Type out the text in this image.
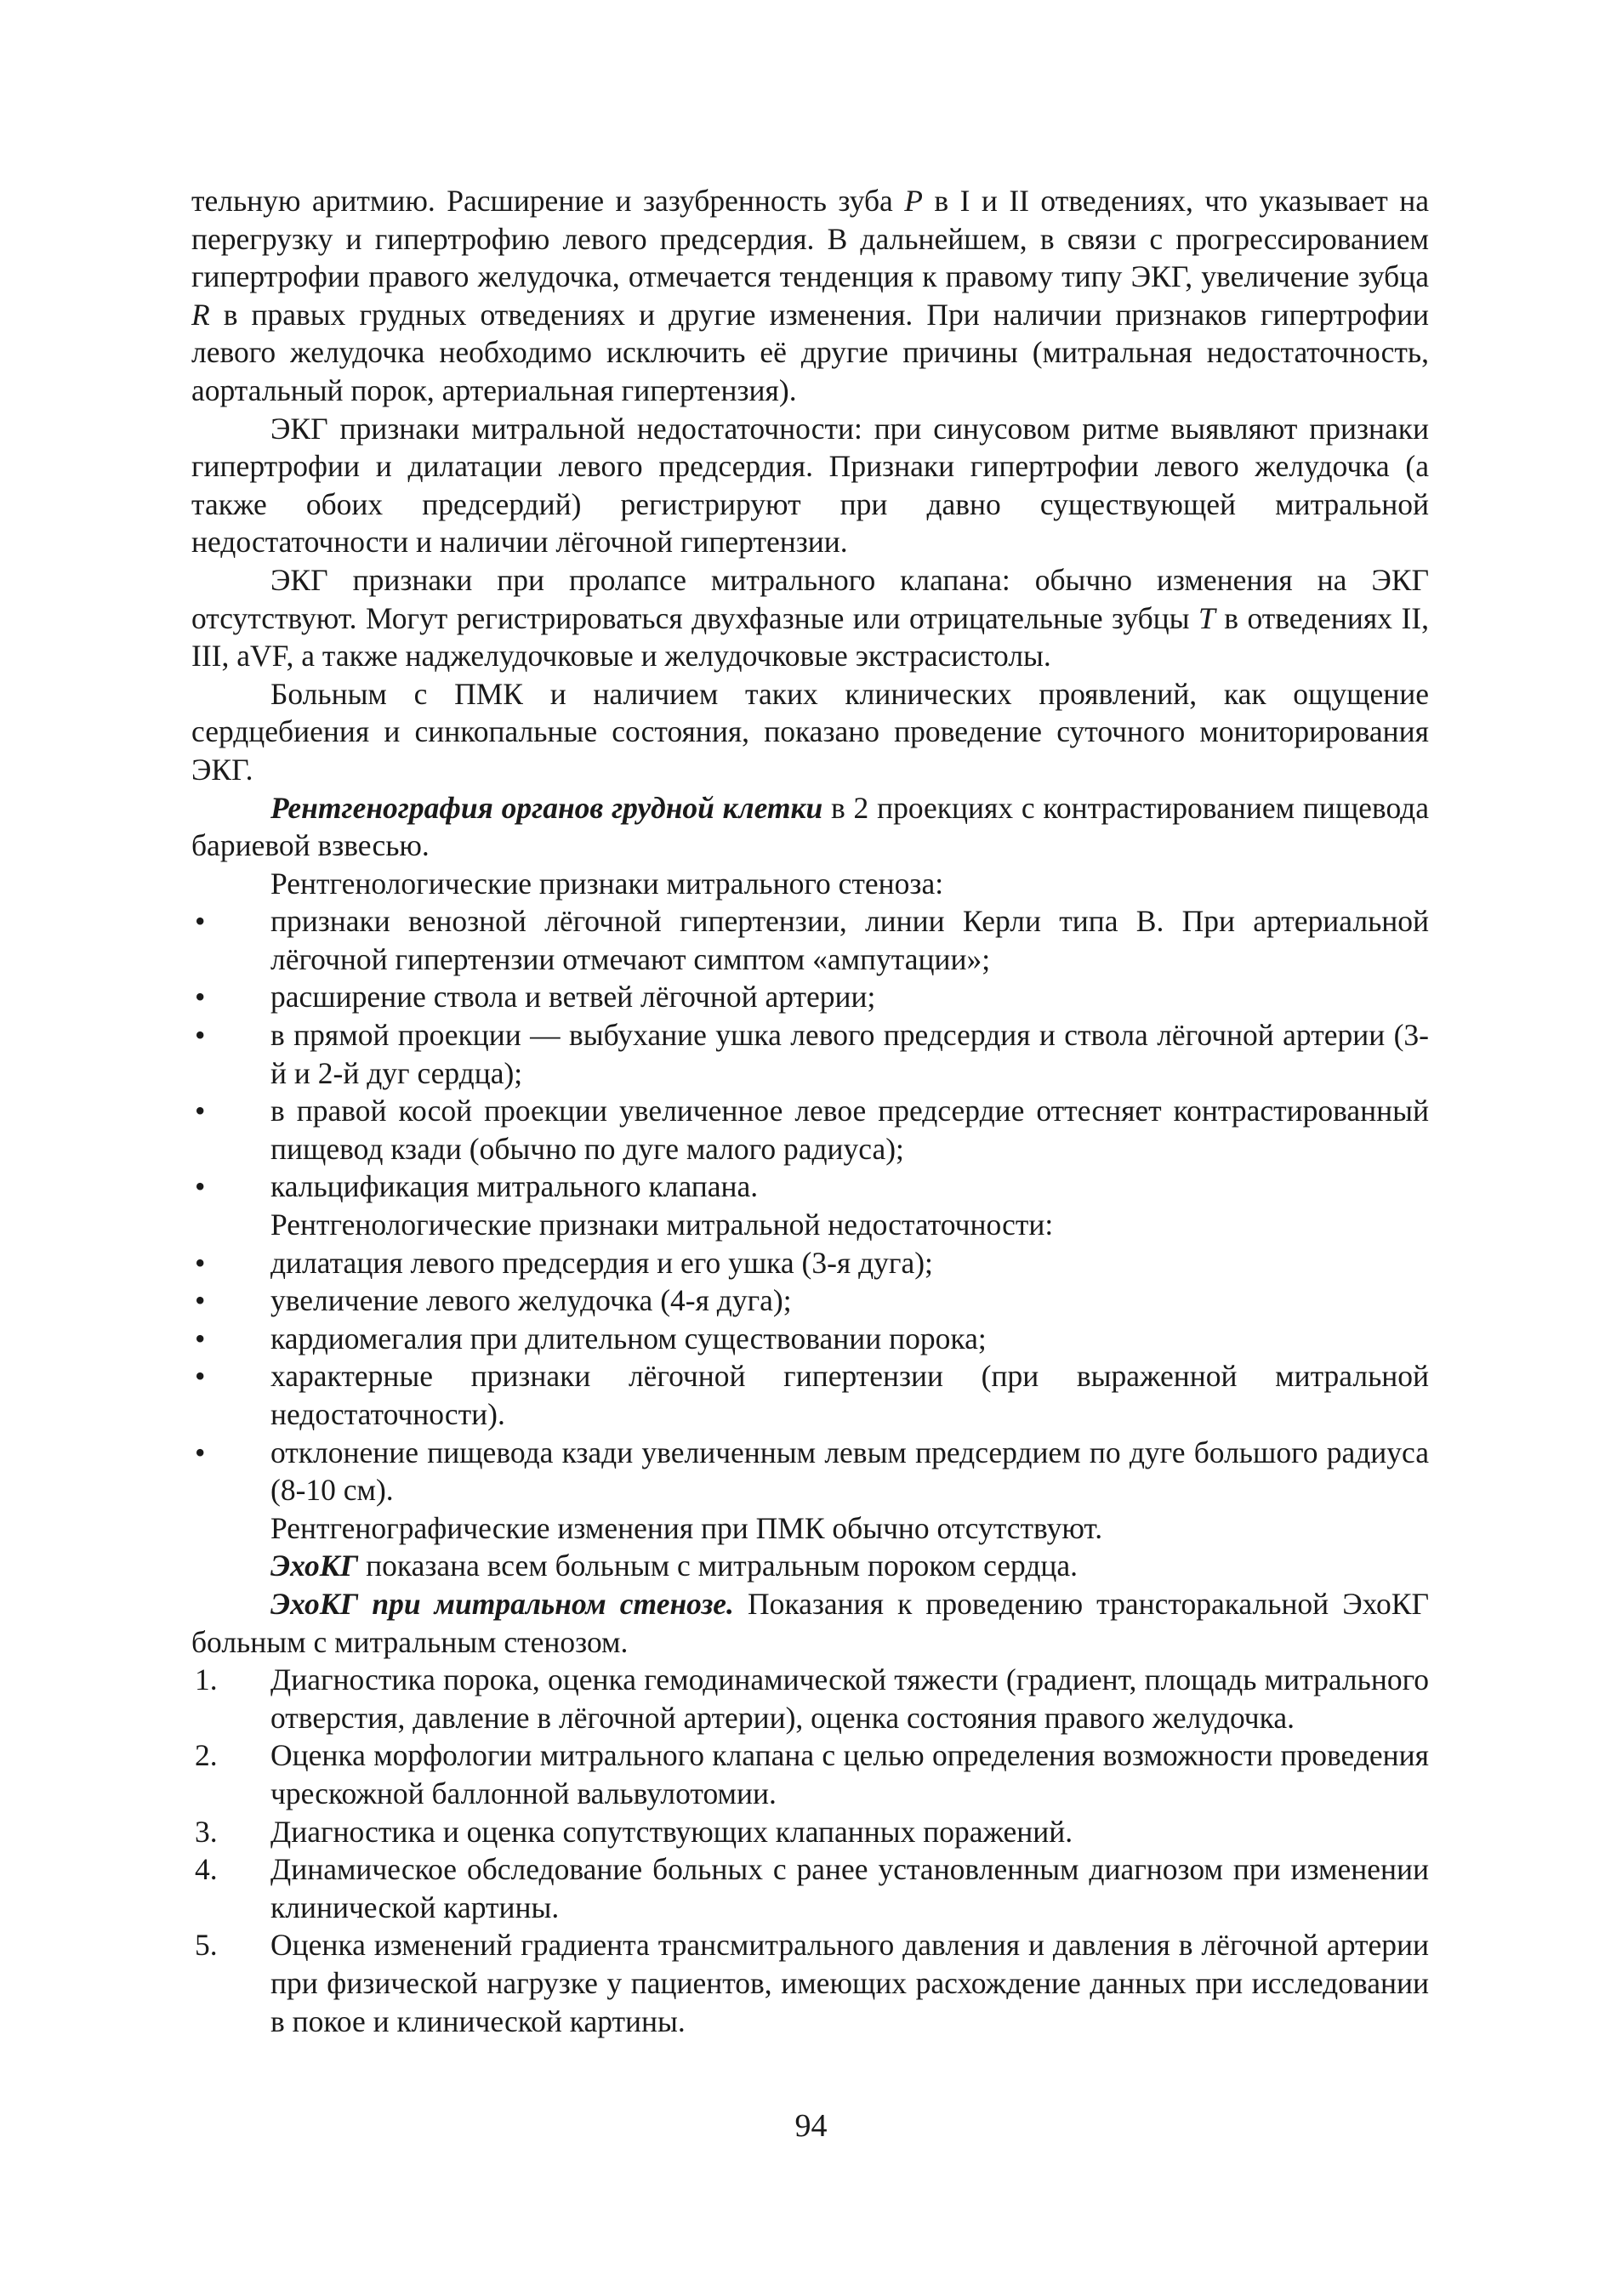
тельную аритмию. Расширение и зазубренность зуба P в I и II отведениях, что указывает на перегрузку и гипертрофию левого предсердия. В дальнейшем, в связи с прогрессированием гипертрофии правого желудочка, отмечается тенденция к правому типу ЭКГ, увеличение зубца R в правых грудных отведениях и другие изменения. При наличии признаков гипертрофии левого желудочка необходимо исключить её другие причины (митральная недостаточность, аортальный порок, артериальная гипертензия).

ЭКГ признаки митральной недостаточности: при синусовом ритме выявляют признаки гипертрофии и дилатации левого предсердия. Признаки гипертрофии левого желудочка (а также обоих предсердий) регистрируют при давно существующей митральной недостаточности и наличии лёгочной гипертензии.

ЭКГ признаки при пролапсе митрального клапана: обычно изменения на ЭКГ отсутствуют. Могут регистрироваться двухфазные или отрицательные зубцы T в отведениях II, III, aVF, а также наджелудочковые и желудочковые экстрасистолы.

Больным с ПМК и наличием таких клинических проявлений, как ощущение сердцебиения и синкопальные состояния, показано проведение суточного мониторирования ЭКГ.

Рентгенография органов грудной клетки в 2 проекциях с контрастированием пищевода бариевой взвесью.

Рентгенологические признаки митрального стеноза:

• признаки венозной лёгочной гипертензии, линии Керли типа В. При артериальной лёгочной гипертензии отмечают симптом «ампутации»;
• расширение ствола и ветвей лёгочной артерии;
• в прямой проекции — выбухание ушка левого предсердия и ствола лёгочной артерии (3-й и 2-й дуг сердца);
• в правой косой проекции увеличенное левое предсердие оттесняет контрастированный пищевод кзади (обычно по дуге малого радиуса);
• кальцификация митрального клапана.

Рентгенологические признаки митральной недостаточности:

• дилатация левого предсердия и его ушка (3-я дуга);
• увеличение левого желудочка (4-я дуга);
• кардиомегалия при длительном существовании порока;
• характерные признаки лёгочной гипертензии (при выраженной митральной недостаточности).
• отклонение пищевода кзади увеличенным левым предсердием по дуге большого радиуса (8-10 см).

Рентгенографические изменения при ПМК обычно отсутствуют.

ЭхоКГ показана всем больным с митральным пороком сердца.

ЭхоКГ при митральном стенозе. Показания к проведению трансторакальной ЭхоКГ больным с митральным стенозом.

1. Диагностика порока, оценка гемодинамической тяжести (градиент, площадь митрального отверстия, давление в лёгочной артерии), оценка состояния правого желудочка.
2. Оценка морфологии митрального клапана с целью определения возможности проведения чрескожной баллонной вальвулотомии.
3. Диагностика и оценка сопутствующих клапанных поражений.
4. Динамическое обследование больных с ранее установленным диагнозом при изменении клинической картины.
5. Оценка изменений градиента трансмитрального давления и давления в лёгочной артерии при физической нагрузке у пациентов, имеющих расхождение данных при исследовании в покое и клинической картины.
94
